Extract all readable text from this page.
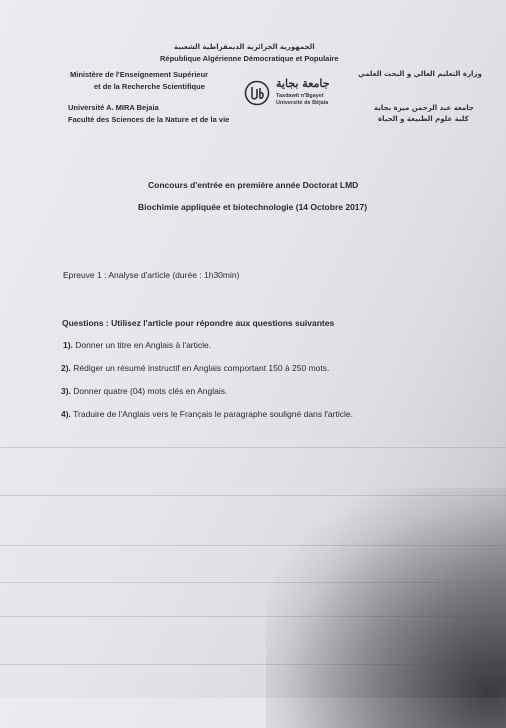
الجمهورية الجزائرية الديمقراطية الشعبية
République Algérienne Démocratique et Populaire
Ministère de l'Enseignement Supérieur
et de la Recherche Scientifique
وزارة التعليم العالي و البحث العلمي
جامعة بجاية
Tasdawit n'Bgayet
Université de Béjaïa
Université A. MIRA Bejaia
Faculté des Sciences de la Nature et de la vie
جامعة عبد الرحمن ميرة بجاية
كلية علوم الطبيعة و الحياة
Concours d'entrée en première année Doctorat LMD
Biochimie appliquée et biotechnologie (14 Octobre 2017)
Epreuve 1 : Analyse d'article (durée : 1h30min)
Questions : Utilisez l'article pour répondre aux questions suivantes
1). Donner un titre en Anglais à l'article.
2). Rédiger un résumé instructif en Anglais comportant 150 à 250 mots.
3). Donner quatre (04) mots clés en Anglais.
4). Traduire de l'Anglais vers le Français le paragraphe souligné dans l'article.
